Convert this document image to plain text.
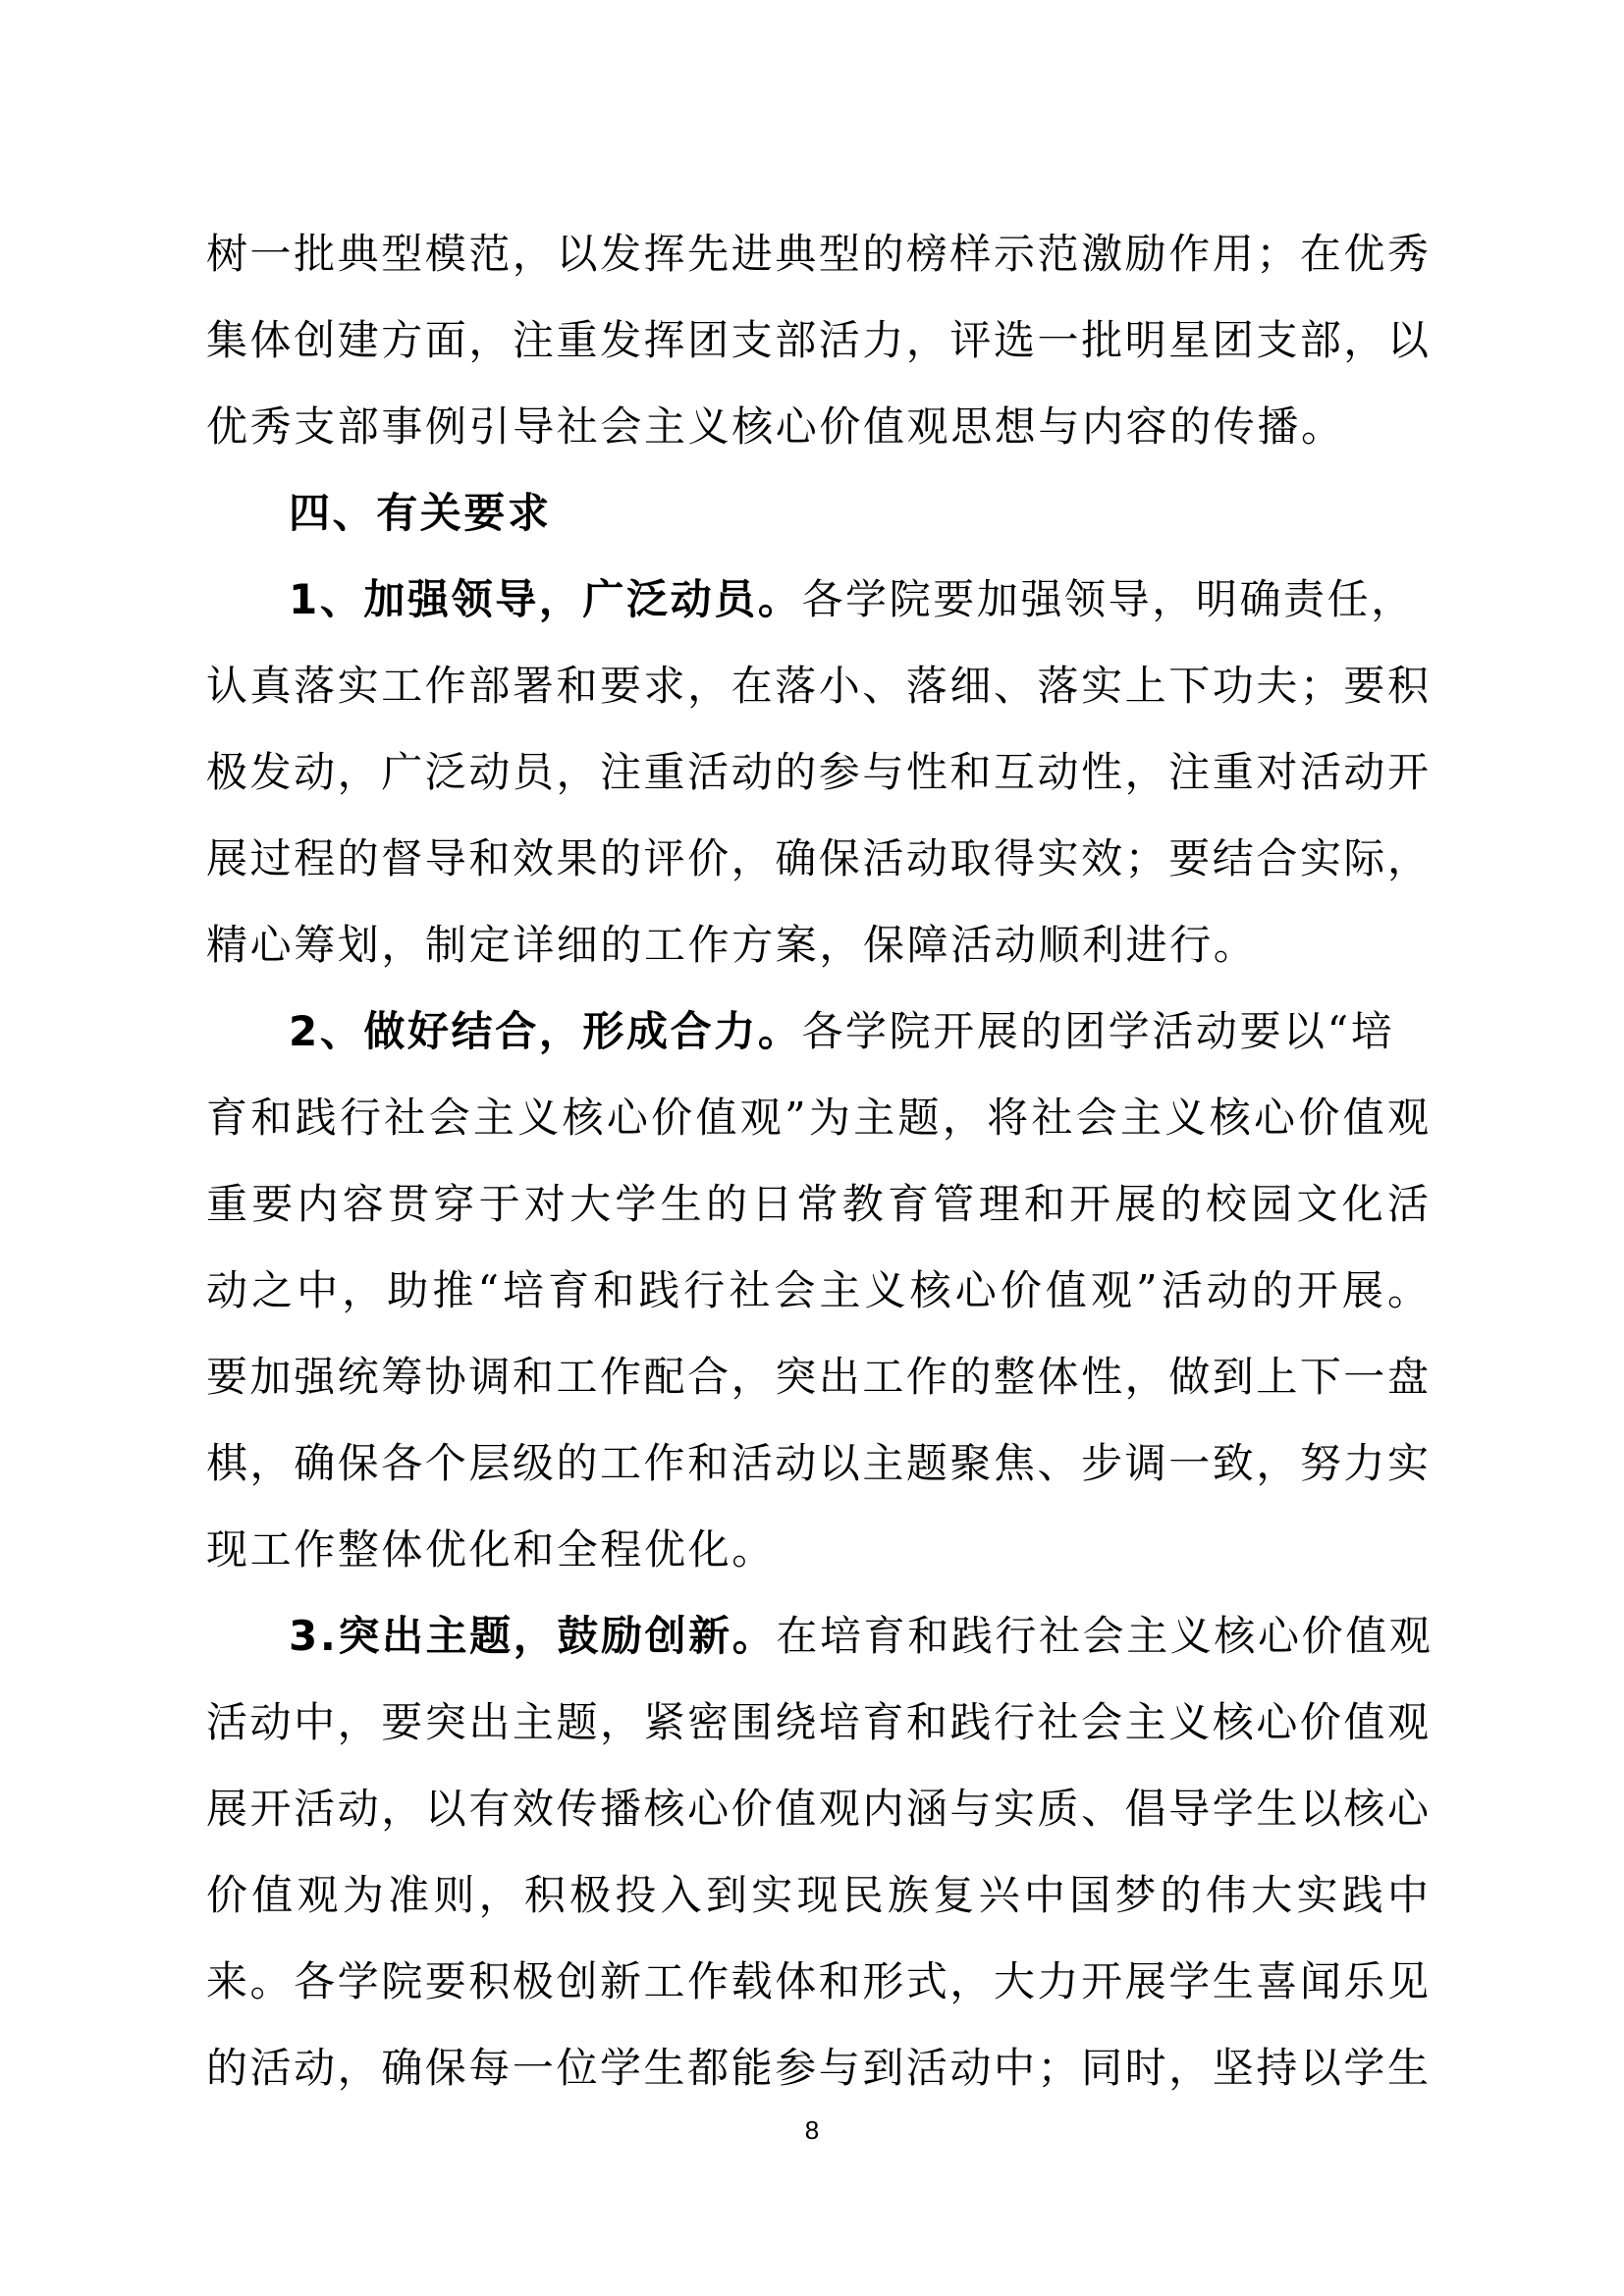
树一批典型模范，以发挥先进典型的榜样示范激励作用；在优秀
集体创建方面，注重发挥团支部活力，评选一批明星团支部，以
优秀支部事例引导社会主义核心价值观思想与内容的传播。
四、有关要求
1、加强领导，广泛动员。各学院要加强领导，明确责任，
认真落实工作部署和要求，在落小、落细、落实上下功夫；要积
极发动，广泛动员，注重活动的参与性和互动性，注重对活动开
展过程的督导和效果的评价，确保活动取得实效；要结合实际，
精心筹划，制定详细的工作方案，保障活动顺利进行。
2、做好结合，形成合力。各学院开展的团学活动要以“培
育和践行社会主义核心价值观”为主题，将社会主义核心价值观
重要内容贯穿于对大学生的日常教育管理和开展的校园文化活
动之中，助推“培育和践行社会主义核心价值观”活动的开展。
要加强统筹协调和工作配合，突出工作的整体性，做到上下一盘
棋，确保各个层级的工作和活动以主题聚焦、步调一致，努力实
现工作整体优化和全程优化。
3.突出主题，鼓励创新。在培育和践行社会主义核心价值观
活动中，要突出主题，紧密围绕培育和践行社会主义核心价值观
展开活动，以有效传播核心价值观内涵与实质、倡导学生以核心
价值观为准则，积极投入到实现民族复兴中国梦的伟大实践中
来。各学院要积极创新工作载体和形式，大力开展学生喜闻乐见
的活动，确保每一位学生都能参与到活动中；同时，坚持以学生
8
